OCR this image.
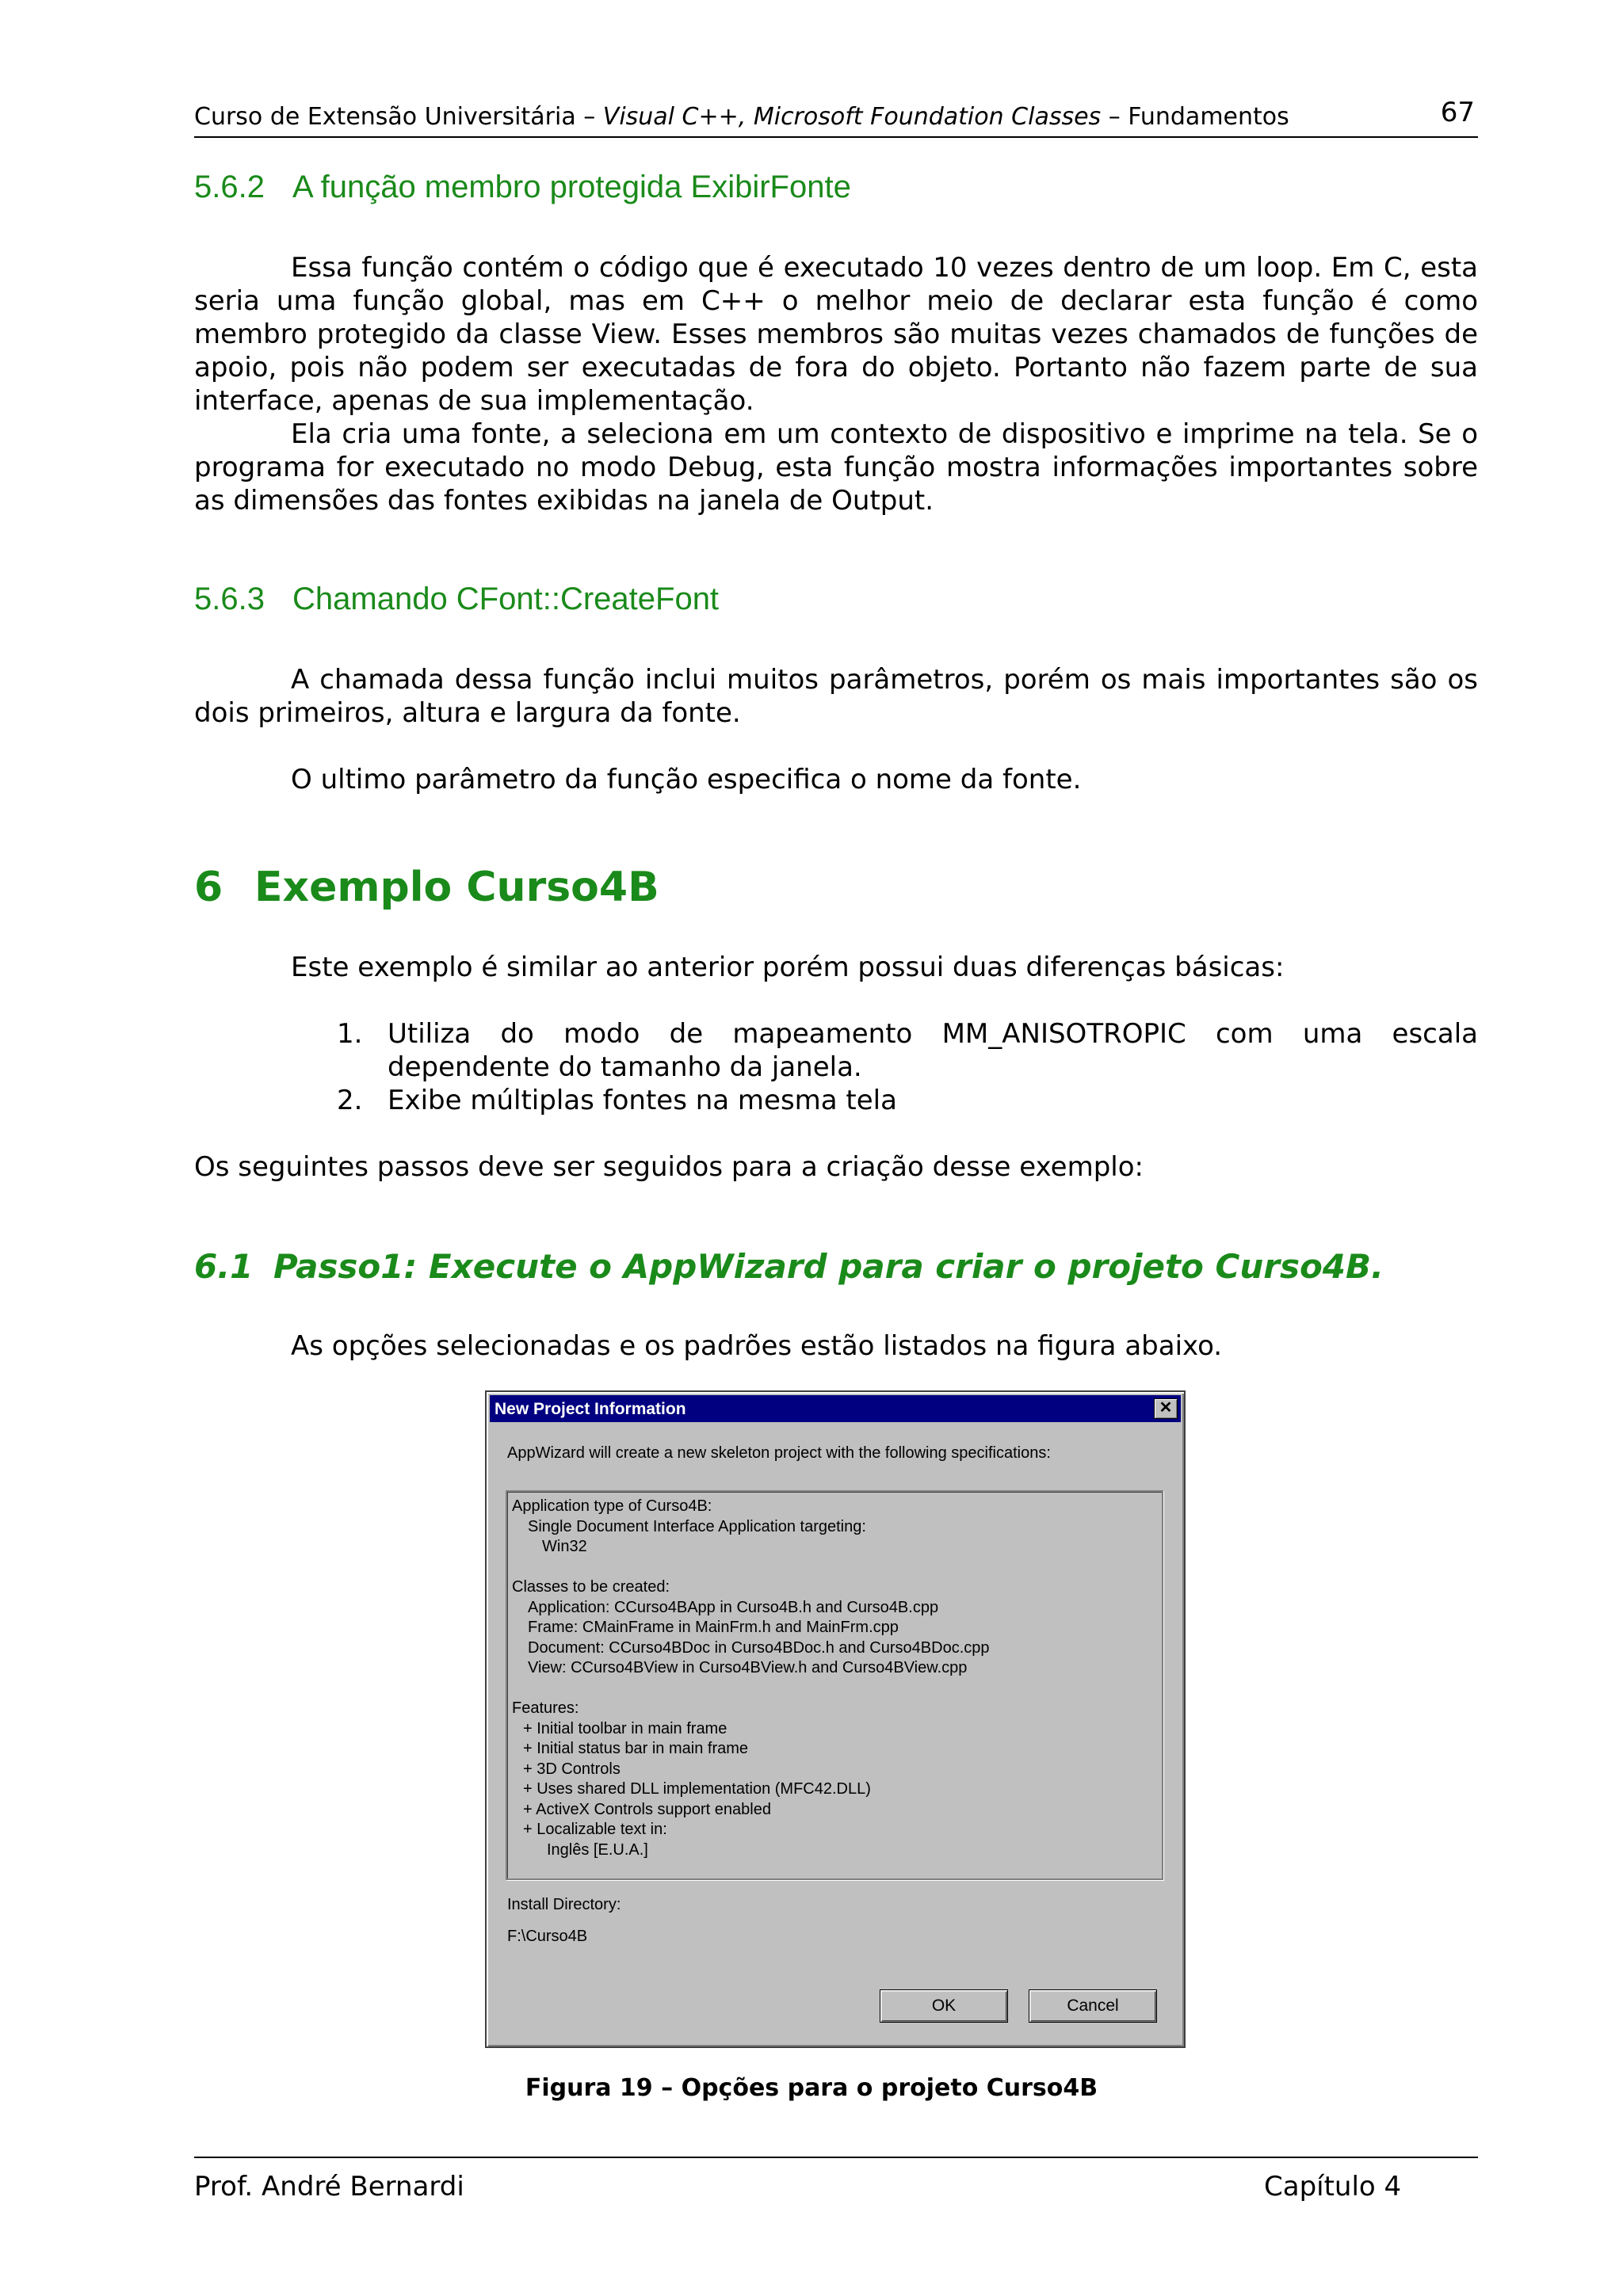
Curso de Extensão Universitária – Visual C++, Microsoft Foundation Classes – Fundamentos	67
5.6.2 A função membro protegida ExibirFonte

Essa função contém o código que é executado 10 vezes dentro de um loop. Em C, esta seria uma função global, mas em C++ o melhor meio de declarar esta função é como membro protegido da classe View. Esses membros são muitas vezes chamados de funções de apoio, pois não podem ser executadas de fora do objeto. Portanto não fazem parte de sua interface, apenas de sua implementação.

Ela cria uma fonte, a seleciona em um contexto de dispositivo e imprime na tela. Se o programa for executado no modo Debug, esta função mostra informações importantes sobre as dimensões das fontes exibidas na janela de Output.

5.6.3 Chamando CFont::CreateFont

A chamada dessa função inclui muitos parâmetros, porém os mais importantes são os dois primeiros, altura e largura da fonte.

O ultimo parâmetro da função especifica o nome da fonte.

6 Exemplo Curso4B

Este exemplo é similar ao anterior porém possui duas diferenças básicas:

1. Utiliza do modo de mapeamento MM_ANISOTROPIC com uma escala dependente do tamanho da janela.
2. Exibe múltiplas fontes na mesma tela

Os seguintes passos deve ser seguidos para a criação desse exemplo:

6.1 Passo1: Execute o AppWizard para criar o projeto Curso4B.

As opções selecionadas e os padrões estão listados na figura abaixo.

New Project Information	✕
AppWizard will create a new skeleton project with the following specifications:
Application type of Curso4B:
Single Document Interface Application targeting:
Win32
Classes to be created:
Application: CCurso4BApp in Curso4B.h and Curso4B.cpp
Frame: CMainFrame in MainFrm.h and MainFrm.cpp
Document: CCurso4BDoc in Curso4BDoc.h and Curso4BDoc.cpp
View: CCurso4BView in Curso4BView.h and Curso4BView.cpp
Features:
+ Initial toolbar in main frame
+ Initial status bar in main frame
+ 3D Controls
+ Uses shared DLL implementation (MFC42.DLL)
+ ActiveX Controls support enabled
+ Localizable text in:
Inglês [E.U.A.]
Install Directory:
F:\Curso4B
OK	Cancel
Figura 19 – Opções para o projeto Curso4B
Prof. André Bernardi	Capítulo 4
